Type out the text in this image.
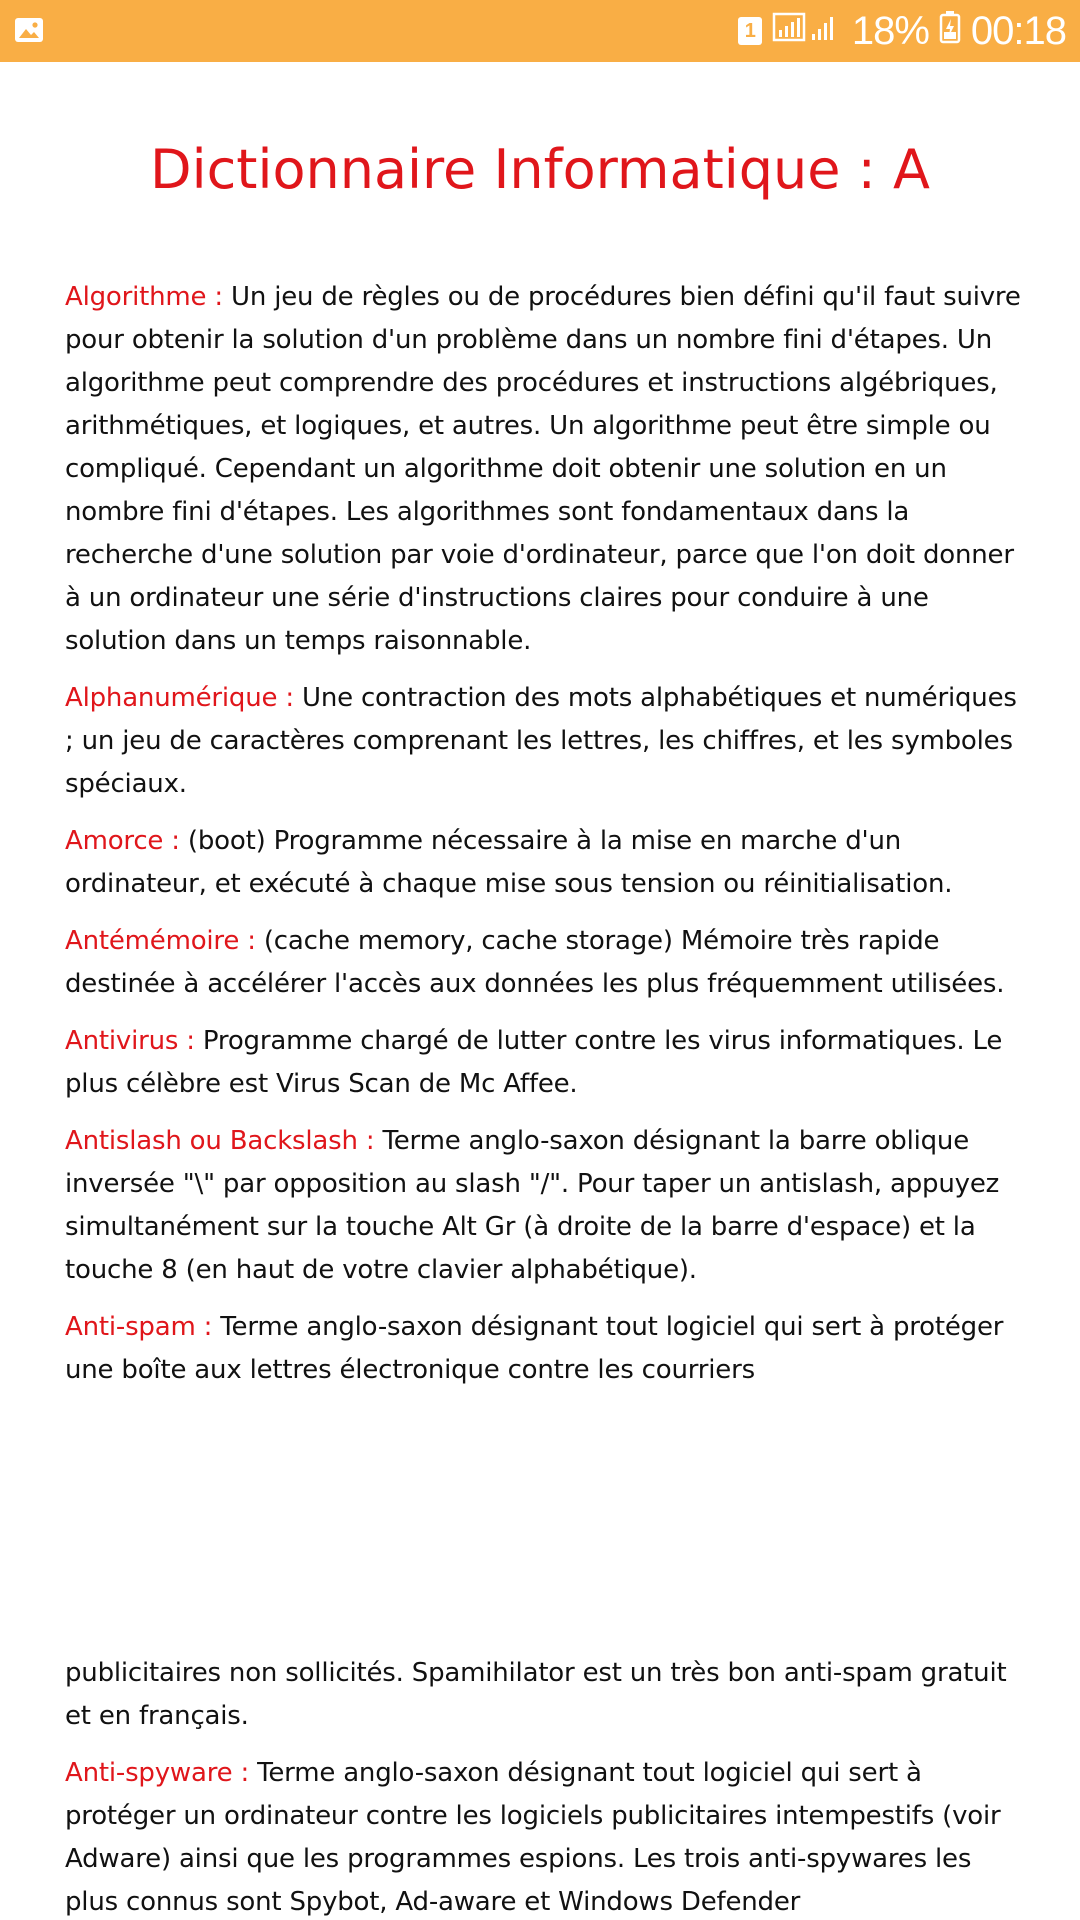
1 18% 00:18
Dictionnaire Informatique : A

Algorithme : Un jeu de règles ou de procédures bien défini qu'il faut suivre pour obtenir la solution d'un problème dans un nombre fini d'étapes. Un algorithme peut comprendre des procédures et instructions algébriques, arithmétiques, et logiques, et autres. Un algorithme peut être simple ou compliqué. Cependant un algorithme doit obtenir une solution en un nombre fini d'étapes. Les algorithmes sont fondamentaux dans la recherche d'une solution par voie d'ordinateur, parce que l'on doit donner à un ordinateur une série d'instructions claires pour conduire à une solution dans un temps raisonnable.

Alphanumérique : Une contraction des mots alphabétiques et numériques ; un jeu de caractères comprenant les lettres, les chiffres, et les symboles spéciaux.

Amorce : (boot) Programme nécessaire à la mise en marche d'un ordinateur, et exécuté à chaque mise sous tension ou réinitialisation.

Antémémoire : (cache memory, cache storage) Mémoire très rapide destinée à accélérer l'accès aux données les plus fréquemment utilisées.

Antivirus : Programme chargé de lutter contre les virus informatiques. Le plus célèbre est Virus Scan de Mc Affee.

Antislash ou Backslash : Terme anglo-saxon désignant la barre oblique inversée "\" par opposition au slash "/". Pour taper un antislash, appuyez simultanément sur la touche Alt Gr (à droite de la barre d'espace) et la touche 8 (en haut de votre clavier alphabétique).

Anti-spam : Terme anglo-saxon désignant tout logiciel qui sert à protéger une boîte aux lettres électronique contre les courriers

publicitaires non sollicités. Spamihilator est un très bon anti-spam gratuit et en français.

Anti-spyware : Terme anglo-saxon désignant tout logiciel qui sert à protéger un ordinateur contre les logiciels publicitaires intempestifs (voir Adware) ainsi que les programmes espions. Les trois anti-spywares les plus connus sont Spybot, Ad-aware et Windows Defender
